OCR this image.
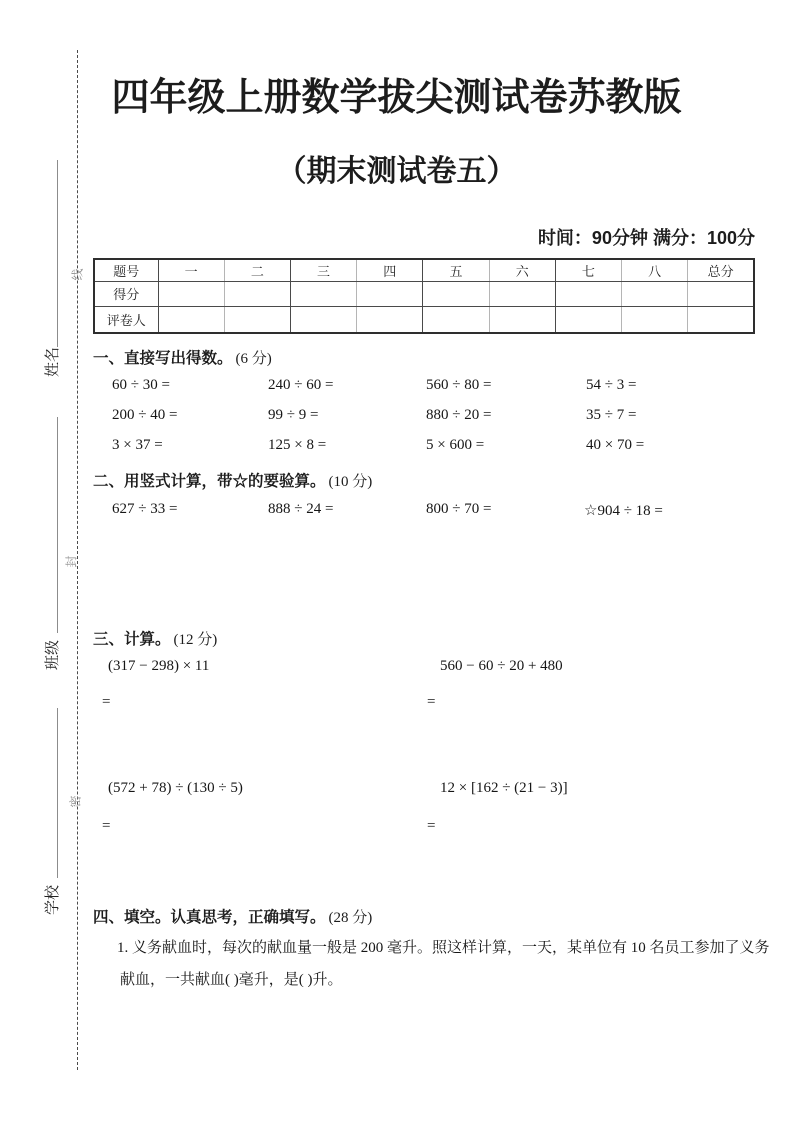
线
封
密
姓名
班级
学校
四年级上册数学拔尖测试卷苏教版
（期末测试卷五）
时间：90分钟 满分：100分
题号	一	二	三	四	五	六	七	八	总分
得分									
评卷人									
一、直接写出得数。 (6 分)
60 ÷ 30 =	240 ÷ 60 =	560 ÷ 80 =	54 ÷ 3 =
200 ÷ 40 =	99 ÷ 9 =	880 ÷ 20 =	35 ÷ 7 =
3 × 37 =	125 × 8 =	5 × 600 =	40 × 70 =
二、用竖式计算，带☆的要验算。 (10 分)
627 ÷ 33 =	888 ÷ 24 =	800 ÷ 70 =	☆904 ÷ 18 =
三、计算。 (12 分)
(317 − 298) × 11	560 − 60 ÷ 20 + 480
=	=
(572 + 78) ÷ (130 ÷ 5)	12 × [162 ÷ (21 − 3)]
=	=
四、填空。认真思考，正确填写。 (28 分)
1. 义务献血时，每次的献血量一般是 200 毫升。照这样计算，一天，某单位有 10 名员工参加了义务
献血，一共献血( )毫升，是( )升。
